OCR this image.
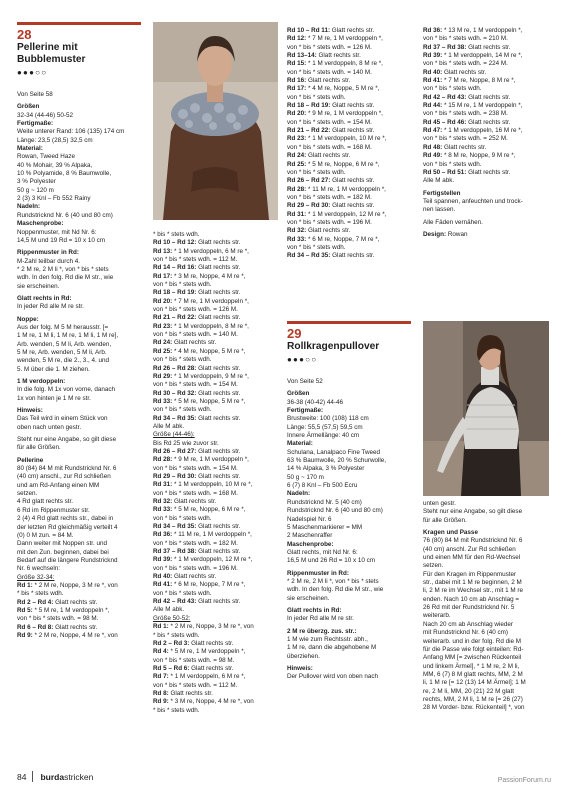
28

Pellerine mit

Bubblemuster

●●●○○

Von Seite 58

Größen

32-34 (44-46) 50-52

Fertigmaße:

Weite unterer Rand: 106 (135) 174 cm

Länge: 23,5 (28,5) 32,5 cm

Material:

Rowan, Tweed Haze

40 % Mohair, 39 % Alpaka,

10 % Polyamide, 8 % Baumwolle,

3 % Polyester

50 g ~ 120 m

2 (3) 3 Knl – Fb 552 Rainy

Nadeln:

Rundstricknd Nr. 6 (40 und 80 cm)

Maschenprobe:

Noppenmuster, mit Nd Nr. 6:

14,5 M und 19 Rd = 10 x 10 cm

Rippenmuster in Rd:

M-Zahl teilbar durch 4.

* 2 M re, 2 M li *, von * bis * stets

wdh. In den folg. Rd die M str., wie

sie erscheinen.

Glatt rechts in Rd:

In jeder Rd alle M re str.

Noppe:

Aus der folg. M 5 M herausstr. [=

1 M re, 1 M li, 1 M re, 1 M li, 1 M re],

Arb. wenden, 5 M li, Arb. wenden,

5 M re, Arb. wenden, 5 M li, Arb.

wenden, 5 M re, die 2., 3., 4. und

5. M über die 1. M ziehen.

1 M verdoppeln:

In die folg. M 1x von vorne, danach

1x von hinten je 1 M re str.

Hinweis:

Das Teil wird in einem Stück von

oben nach unten gestr.

Steht nur eine Angabe, so gilt diese

für alle Größen.

Pellerine

80 (84) 84 M mit Rundstricknd Nr. 6

(40 cm) anschl., zur Rd schließen

und am Rd-Anfang einen MM

setzen.

4 Rd glatt rechts str.

6 Rd im Rippenmuster str.

2 (4) 4 Rd glatt rechts str., dabei in

der letzten Rd gleichmäßig verteilt 4

(0) 0 M zun. = 84 M.

Dann weiter mit Noppen str. und

mit den Zun. beginnen, dabei bei

Bedarf auf die längere Rundstricknd

Nr. 6 wechseln:

Größe 32-34:

Rd 1: * 2 M re, Noppe, 3 M re *, von

* bis * stets wdh.

Rd 2 – Rd 4: Glatt rechts str.

Rd 5: * 5 M re, 1 M verdoppeln *,

von * bis * stets wdh. = 98 M.

Rd 6 – Rd 8: Glatt rechts str.

Rd 9: * 2 M re, Noppe, 4 M re *, von

* bis * stets wdh.

Rd 10 – Rd 12: Glatt rechts str.

Rd 13: * 1 M verdoppeln, 6 M re *,

von * bis * stets wdh. = 112 M.

Rd 14 – Rd 16: Glatt rechts str.

Rd 17: * 3 M re, Noppe, 4 M re *,

von * bis * stets wdh.

Rd 18 – Rd 19: Glatt rechts str.

Rd 20: * 7 M re, 1 M verdoppeln *,

von * bis * stets wdh. = 126 M.

Rd 21 – Rd 22: Glatt rechts str.

Rd 23: * 1 M verdoppeln, 8 M re *,

von * bis * stets wdh. = 140 M.

Rd 24: Glatt rechts str.

Rd 25: * 4 M re, Noppe, 5 M re *,

von * bis * stets wdh.

Rd 26 – Rd 28: Glatt rechts str.

Rd 29: * 1 M verdoppeln, 9 M re *,

von * bis * stets wdh. = 154 M.

Rd 30 – Rd 32: Glatt rechts str.

Rd 33: * 5 M re, Noppe, 5 M re *,

von * bis * stets wdh.

Rd 34 – Rd 35: Glatt rechts str.

Alle M abk.

Größe (44-46):

Bis Rd 25 wie zuvor str.

Rd 26 – Rd 27: Glatt rechts str.

Rd 28: * 9 M re, 1 M verdoppeln *,

von * bis * stets wdh. = 154 M.

Rd 29 – Rd 30: Glatt rechts str.

Rd 31: * 1 M verdoppeln, 10 M re *,

von * bis * stets wdh. = 168 M.

Rd 32: Glatt rechts str.

Rd 33: * 5 M re, Noppe, 6 M re *,

von * bis * stets wdh.

Rd 34 – Rd 35: Glatt rechts str.

Rd 36: * 11 M re, 1 M verdoppeln *,

von * bis * stets wdh. = 182 M.

Rd 37 – Rd 38: Glatt rechts str.

Rd 39: * 1 M verdoppeln, 12 M re *,

von * bis * stets wdh. = 196 M.

Rd 40: Glatt rechts str.

Rd 41: * 6 M re, Noppe, 7 M re *,

von * bis * stets wdh.

Rd 42 – Rd 43: Glatt rechts str.

Alle M abk.

Größe 50-52:

Rd 1: * 2 M re, Noppe, 3 M re *, von

* bis * stets wdh.

Rd 2 – Rd 3: Glatt rechts str.

Rd 4: * 5 M re, 1 M verdoppeln *,

von * bis * stets wdh. = 98 M.

Rd 5 – Rd 6: Glatt rechts str.

Rd 7: * 1 M verdoppeln, 6 M re *,

von * bis * stets wdh. = 112 M.

Rd 8: Glatt rechts str.

Rd 9: * 3 M re, Noppe, 4 M re *, von

* bis * stets wdh.

Rd 10 – Rd 11: Glatt rechts str.

Rd 12: * 7 M re, 1 M verdoppeln *,

von * bis * stets wdh. = 126 M.

Rd 13–14: Glatt rechts str.

Rd 15: * 1 M verdoppeln, 8 M re *,

von * bis * stets wdh. = 140 M.

Rd 16: Glatt rechts str.

Rd 17: * 4 M re, Noppe, 5 M re *,

von * bis * stets wdh.

Rd 18 – Rd 19: Glatt rechts str.

Rd 20: * 9 M re, 1 M verdoppeln *,

von * bis * stets wdh. = 154 M.

Rd 21 – Rd 22: Glatt rechts str.

Rd 23: * 1 M verdoppeln, 10 M re *,

von * bis * stets wdh. = 168 M.

Rd 24: Glatt rechts str.

Rd 25: * 5 M re, Noppe, 6 M re *,

von * bis * stets wdh.

Rd 26 – Rd 27: Glatt rechts str.

Rd 28: * 11 M re, 1 M verdoppeln *,

von * bis * stets wdh. = 182 M.

Rd 29 – Rd 30: Glatt rechts str.

Rd 31: * 1 M verdoppeln, 12 M re *,

von * bis * stets wdh. = 196 M.

Rd 32: Glatt rechts str.

Rd 33: * 6 M re, Noppe, 7 M re *,

von * bis * stets wdh.

Rd 34 – Rd 35: Glatt rechts str.

29

Rollkragenpullover

●●●○○

Von Seite 52

Größen

36-38 (40-42) 44-46

Fertigmaße:

Brustweite: 100 (108) 118 cm

Länge: 55,5 (57,5) 59,5 cm

Innere Ärmellänge: 40 cm

Material:

Schulana, Lanalpaco Fine Tweed

63 % Baumwolle, 20 % Schurwolle,

14 % Alpaka, 3 % Polyester

50 g ~ 170 m

6 (7) 8 Knl – Fb 500 Ecru

Nadeln:

Rundstricknd Nr. 5 (40 cm)

Rundstricknd Nr. 6 (40 und 80 cm)

Nadelspiel Nr. 6

5 Maschenmarkierer = MM

2 Maschenraffer

Maschenprobe:

Glatt rechts, mit Nd Nr. 6:

16,5 M und 26 Rd = 10 x 10 cm

Rippenmuster in Rd:

* 2 M re, 2 M li *, von * bis * stets

wdh. In den folg. Rd die M str., wie

sie erscheinen.

Glatt rechts in Rd:

In jeder Rd alle M re str.

2 M re überzg. zus. str.:

1 M wie zum Rechtsstr. abh.,

1 M re, dann die abgehobene M

überziehen.

Hinweis:

Der Pullover wird von oben nach

Rd 36: * 13 M re, 1 M verdoppeln *,

von * bis * stets wdh. = 210 M.

Rd 37 – Rd 38: Glatt rechts str.

Rd 39: * 1 M verdoppeln, 14 M re *,

von * bis * stets wdh. = 224 M.

Rd 40: Glatt rechts str.

Rd 41: * 7 M re, Noppe, 8 M re *,

von * bis * stets wdh.

Rd 42 – Rd 43: Glatt rechts str.

Rd 44: * 15 M re, 1 M verdoppeln *,

von * bis * stets wdh. = 238 M.

Rd 45 – Rd 46: Glatt rechts str.

Rd 47: * 1 M verdoppeln, 16 M re *,

von * bis * stets wdh. = 252 M.

Rd 48: Glatt rechts str.

Rd 49: * 8 M re, Noppe, 9 M re *,

von * bis * stets wdh.

Rd 50 – Rd 51: Glatt rechts str.

Alle M abk.

Fertigstellen

Teil spannen, anfeuchten und trock-

nen lassen.

Alle Fäden vernähen.

Design: Rowan

unten gestr.

Steht nur eine Angabe, so gilt diese

für alle Größen.

Kragen und Passe

76 (80) 84 M mit Rundstricknd Nr. 6

(40 cm) anschl. Zur Rd schließen

und einen MM für den Rd-Wechsel

setzen.

Für den Kragen im Rippenmuster

str., dabei mit 1 M re beginnen, 2 M

li, 2 M re im Wechsel str., mit 1 M re

enden. Nach 10 cm ab Anschlag =

26 Rd mit der Rundstricknd Nr. 5

weiterarb.

Nach 20 cm ab Anschlag wieder

mit Rundstricknd Nr. 6 (40 cm)

weiterarb. und in der folg. Rd die M

für die Passe wie folgt einteilen: Rd-

Anfang MM [= zwischen Rückenteil

und linkem Ärmel], * 1 M re, 2 M li,

MM, 6 (7) 8 M glatt rechts, MM, 2 M

li, 1 M re [= 12 (13) 14 M Ärmel]; 1 M

re, 2 M li, MM, 20 (21) 22 M glatt

rechts, MM, 2 M li, 1 M re [= 26 (27)

28 M Vorder- bzw. Rückenteil] *, von

84 burdastricken	PassionForum.ru
